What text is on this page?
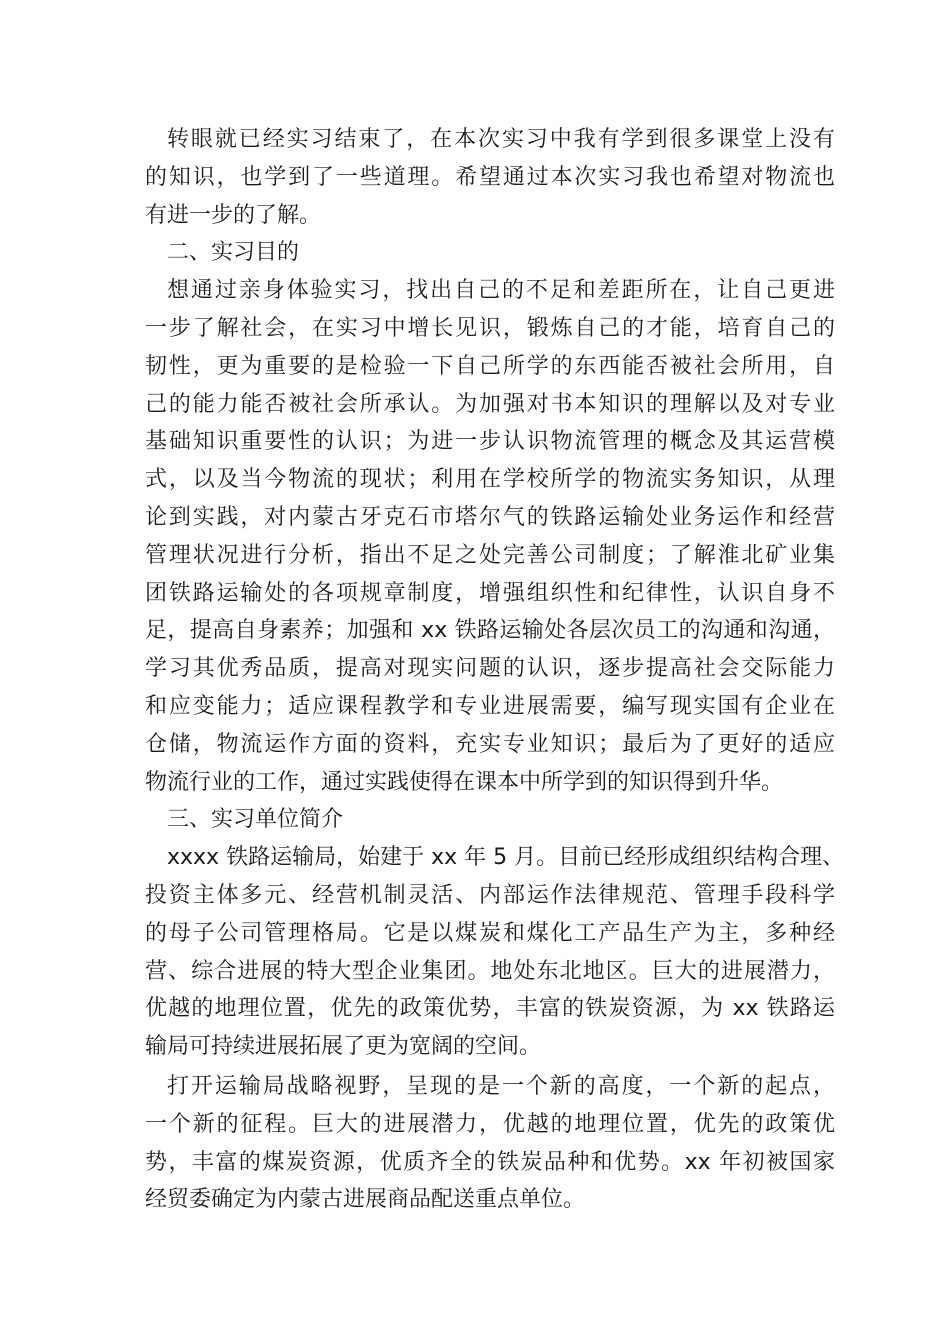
转眼就已经实习结束了，在本次实习中我有学到很多课堂上没有
的知识，也学到了一些道理。希望通过本次实习我也希望对物流也
有进一步的了解。
二、实习目的
想通过亲身体验实习，找出自己的不足和差距所在，让自己更进
一步了解社会，在实习中增长见识，锻炼自己的才能，培育自己的
韧性，更为重要的是检验一下自己所学的东西能否被社会所用，自
己的能力能否被社会所承认。为加强对书本知识的理解以及对专业
基础知识重要性的认识；为进一步认识物流管理的概念及其运营模
式，以及当今物流的现状；利用在学校所学的物流实务知识，从理
论到实践，对内蒙古牙克石市塔尔气的铁路运输处业务运作和经营
管理状况进行分析，指出不足之处完善公司制度；了解淮北矿业集
团铁路运输处的各项规章制度，增强组织性和纪律性，认识自身不
足，提高自身素养；加强和 xx 铁路运输处各层次员工的沟通和沟通，
学习其优秀品质，提高对现实问题的认识，逐步提高社会交际能力
和应变能力；适应课程教学和专业进展需要，编写现实国有企业在
仓储，物流运作方面的资料，充实专业知识；最后为了更好的适应
物流行业的工作，通过实践使得在课本中所学到的知识得到升华。
三、实习单位简介
xxxx 铁路运输局，始建于 xx 年 5 月。目前已经形成组织结构合理、
投资主体多元、经营机制灵活、内部运作法律规范、管理手段科学
的母子公司管理格局。它是以煤炭和煤化工产品生产为主，多种经
营、综合进展的特大型企业集团。地处东北地区。巨大的进展潜力，
优越的地理位置，优先的政策优势，丰富的铁炭资源，为 xx 铁路运
输局可持续进展拓展了更为宽阔的空间。
打开运输局战略视野，呈现的是一个新的高度，一个新的起点，
一个新的征程。巨大的进展潜力，优越的地理位置，优先的政策优
势，丰富的煤炭资源，优质齐全的铁炭品种和优势。xx 年初被国家
经贸委确定为内蒙古进展商品配送重点单位。
